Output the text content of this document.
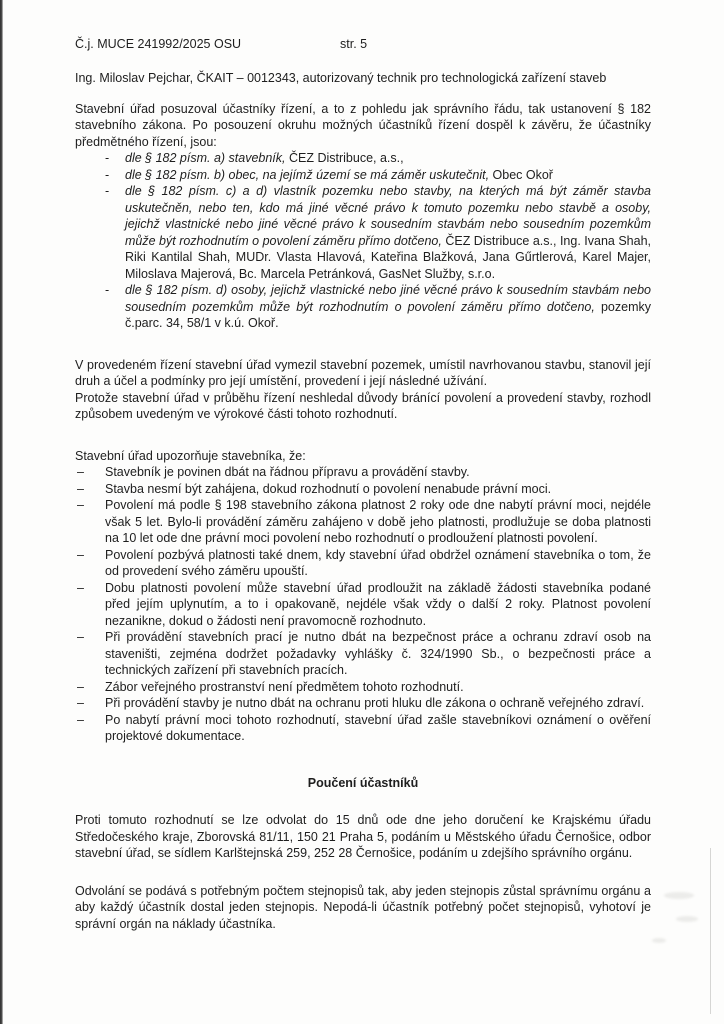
Č.j. MUCE 241992/2025 OSU	str. 5

Ing. Miloslav Pejchar, ČKAIT – 0012343, autorizovaný technik pro technologická zařízení staveb

Stavební úřad posuzoval účastníky řízení, a to z pohledu jak správního řádu, tak ustanovení § 182 stavebního zákona. Po posouzení okruhu možných účastníků řízení dospěl k závěru, že účastníky předmětného řízení, jsou:

- dle § 182 písm. a) stavebník, ČEZ Distribuce, a.s.,
- dle § 182 písm. b) obec, na jejímž území se má záměr uskutečnit, Obec Okoř
- dle § 182 písm. c) a d) vlastník pozemku nebo stavby, na kterých má být záměr stavba uskutečněn, nebo ten, kdo má jiné věcné právo k tomuto pozemku nebo stavbě a osoby, jejichž vlastnické nebo jiné věcné právo k sousedním stavbám nebo sousedním pozemkům může být rozhodnutím o povolení záměru přímo dotčeno, ČEZ Distribuce a.s., Ing. Ivana Shah, Riki Kantilal Shah, MUDr. Vlasta Hlavová, Kateřina Blažková, Jana Gűrtlerová, Karel Majer, Miloslava Majerová, Bc. Marcela Petránková, GasNet Služby, s.r.o.
- dle § 182 písm. d) osoby, jejichž vlastnické nebo jiné věcné právo k sousedním stavbám nebo sousedním pozemkům může být rozhodnutím o povolení záměru přímo dotčeno, pozemky č.parc. 34, 58/1 v k.ú. Okoř.

V provedeném řízení stavební úřad vymezil stavební pozemek, umístil navrhovanou stavbu, stanovil její druh a účel a podmínky pro její umístění, provedení i její následné užívání.

Protože stavební úřad v průběhu řízení neshledal důvody bránící povolení a provedení stavby, rozhodl způsobem uvedeným ve výrokové části tohoto rozhodnutí.

Stavební úřad upozorňuje stavebníka, že:

– Stavebník je povinen dbát na řádnou přípravu a provádění stavby.
– Stavba nesmí být zahájena, dokud rozhodnutí o povolení nenabude právní moci.
– Povolení má podle § 198 stavebního zákona platnost 2 roky ode dne nabytí právní moci, nejdéle však 5 let. Bylo-li provádění záměru zahájeno v době jeho platnosti, prodlužuje se doba platnosti na 10 let ode dne právní moci povolení nebo rozhodnutí o prodloužení platnosti povolení.
– Povolení pozbývá platnosti také dnem, kdy stavební úřad obdržel oznámení stavebníka o tom, že od provedení svého záměru upouští.
– Dobu platnosti povolení může stavební úřad prodloužit na základě žádosti stavebníka podané před jejím uplynutím, a to i opakovaně, nejdéle však vždy o další 2 roky. Platnost povolení nezanikne, dokud o žádosti není pravomocně rozhodnuto.
– Při provádění stavebních prací je nutno dbát na bezpečnost práce a ochranu zdraví osob na staveništi, zejména dodržet požadavky vyhlášky č. 324/1990 Sb., o bezpečnosti práce a technických zařízení při stavebních pracích.
– Zábor veřejného prostranství není předmětem tohoto rozhodnutí.
– Při provádění stavby je nutno dbát na ochranu proti hluku dle zákona o ochraně veřejného zdraví.
– Po nabytí právní moci tohoto rozhodnutí, stavební úřad zašle stavebníkovi oznámení o ověření projektové dokumentace.
Poučení účastníků

Proti tomuto rozhodnutí se lze odvolat do 15 dnů ode dne jeho doručení ke Krajskému úřadu Středočeského kraje, Zborovská 81/11, 150 21 Praha 5, podáním u Městského úřadu Černošice, odbor stavební úřad, se sídlem Karlštejnská 259, 252 28 Černošice, podáním u zdejšího správního orgánu.

Odvolání se podává s potřebným počtem stejnopisů tak, aby jeden stejnopis zůstal správnímu orgánu a aby každý účastník dostal jeden stejnopis. Nepodá-li účastník potřebný počet stejnopisů, vyhotoví je správní orgán na náklady účastníka.
